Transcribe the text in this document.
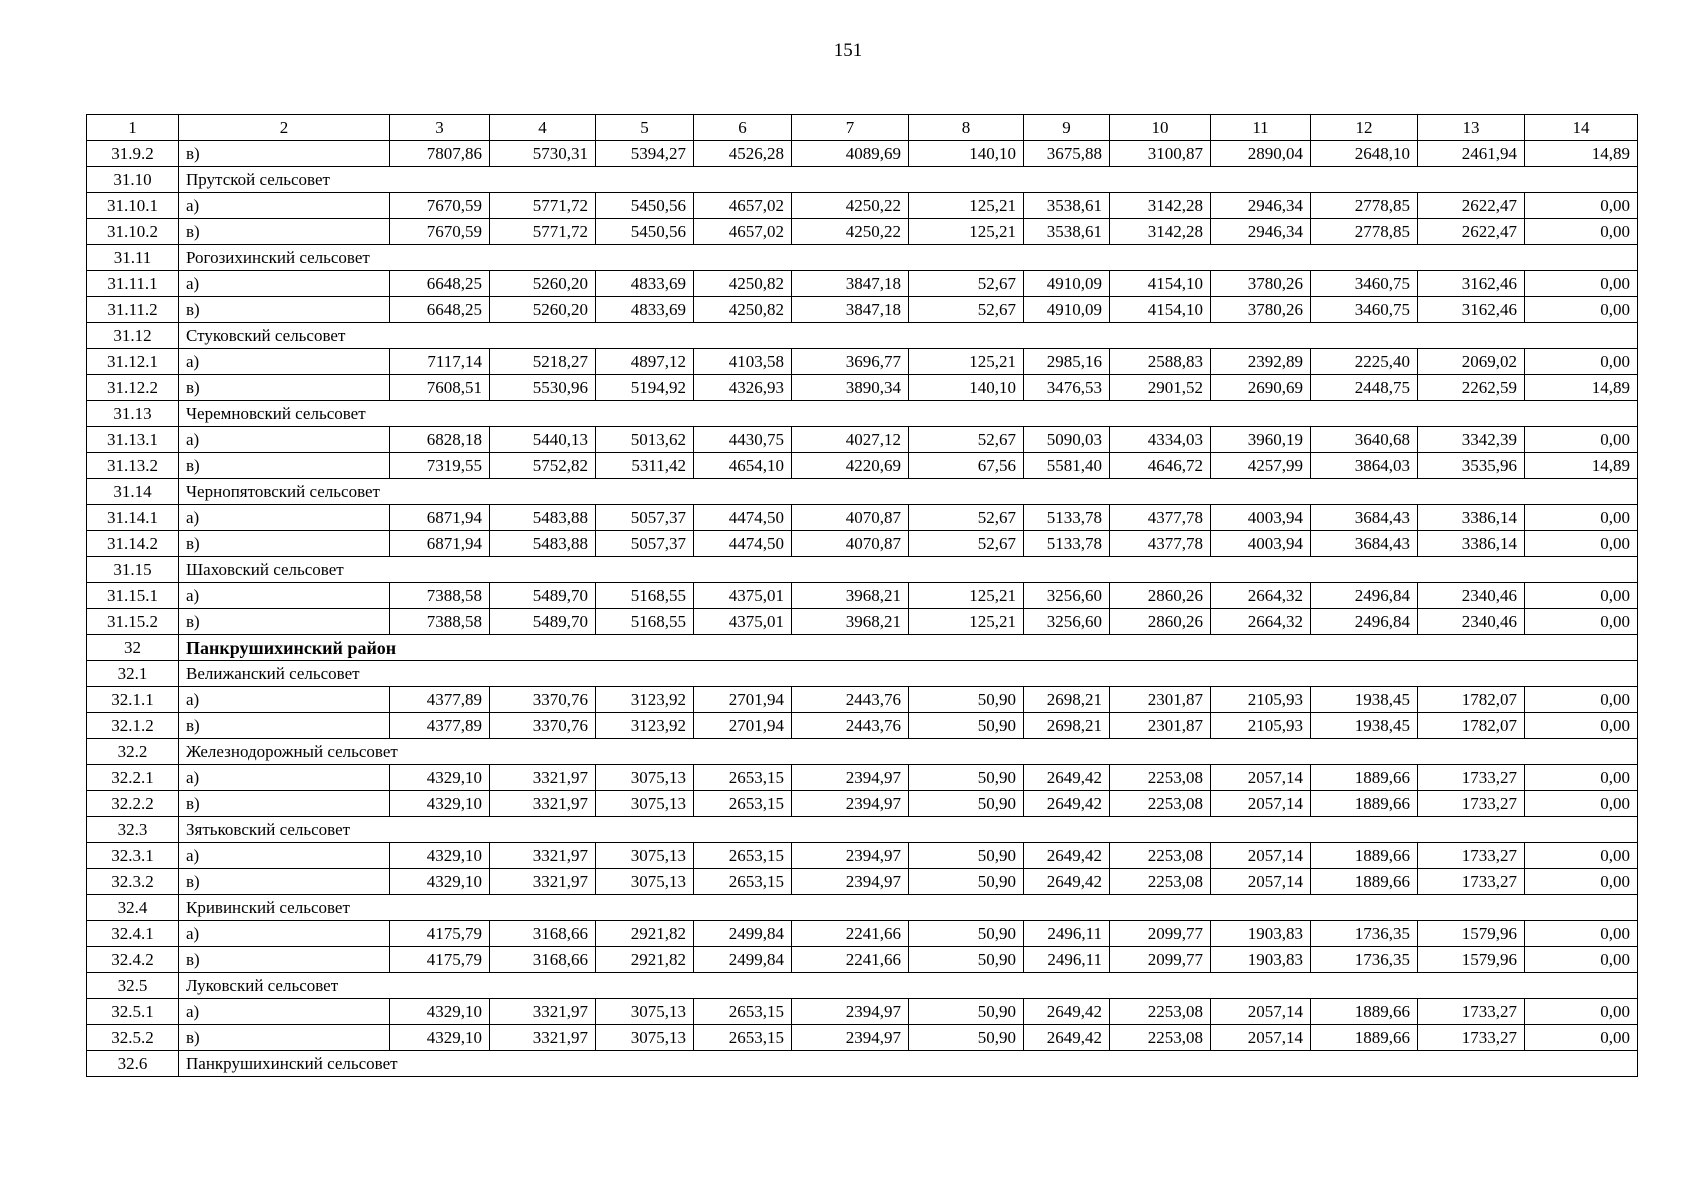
151
1	2	3	4	5	6	7	8	9	10	11	12	13	14
31.9.2	в)	7807,86	5730,31	5394,27	4526,28	4089,69	140,10	3675,88	3100,87	2890,04	2648,10	2461,94	14,89
31.10	Прутской сельсовет												
31.10.1	а)	7670,59	5771,72	5450,56	4657,02	4250,22	125,21	3538,61	3142,28	2946,34	2778,85	2622,47	0,00
31.10.2	в)	7670,59	5771,72	5450,56	4657,02	4250,22	125,21	3538,61	3142,28	2946,34	2778,85	2622,47	0,00
31.11	Рогозихинский сельсовет												
31.11.1	а)	6648,25	5260,20	4833,69	4250,82	3847,18	52,67	4910,09	4154,10	3780,26	3460,75	3162,46	0,00
31.11.2	в)	6648,25	5260,20	4833,69	4250,82	3847,18	52,67	4910,09	4154,10	3780,26	3460,75	3162,46	0,00
31.12	Стуковский сельсовет												
31.12.1	а)	7117,14	5218,27	4897,12	4103,58	3696,77	125,21	2985,16	2588,83	2392,89	2225,40	2069,02	0,00
31.12.2	в)	7608,51	5530,96	5194,92	4326,93	3890,34	140,10	3476,53	2901,52	2690,69	2448,75	2262,59	14,89
31.13	Черемновский сельсовет												
31.13.1	а)	6828,18	5440,13	5013,62	4430,75	4027,12	52,67	5090,03	4334,03	3960,19	3640,68	3342,39	0,00
31.13.2	в)	7319,55	5752,82	5311,42	4654,10	4220,69	67,56	5581,40	4646,72	4257,99	3864,03	3535,96	14,89
31.14	Чернопятовский сельсовет												
31.14.1	а)	6871,94	5483,88	5057,37	4474,50	4070,87	52,67	5133,78	4377,78	4003,94	3684,43	3386,14	0,00
31.14.2	в)	6871,94	5483,88	5057,37	4474,50	4070,87	52,67	5133,78	4377,78	4003,94	3684,43	3386,14	0,00
31.15	Шаховский сельсовет												
31.15.1	а)	7388,58	5489,70	5168,55	4375,01	3968,21	125,21	3256,60	2860,26	2664,32	2496,84	2340,46	0,00
31.15.2	в)	7388,58	5489,70	5168,55	4375,01	3968,21	125,21	3256,60	2860,26	2664,32	2496,84	2340,46	0,00
32	Панкрушихинский район												
32.1	Велижанский сельсовет												
32.1.1	а)	4377,89	3370,76	3123,92	2701,94	2443,76	50,90	2698,21	2301,87	2105,93	1938,45	1782,07	0,00
32.1.2	в)	4377,89	3370,76	3123,92	2701,94	2443,76	50,90	2698,21	2301,87	2105,93	1938,45	1782,07	0,00
32.2	Железнодорожный сельсовет												
32.2.1	а)	4329,10	3321,97	3075,13	2653,15	2394,97	50,90	2649,42	2253,08	2057,14	1889,66	1733,27	0,00
32.2.2	в)	4329,10	3321,97	3075,13	2653,15	2394,97	50,90	2649,42	2253,08	2057,14	1889,66	1733,27	0,00
32.3	Зятьковский сельсовет												
32.3.1	а)	4329,10	3321,97	3075,13	2653,15	2394,97	50,90	2649,42	2253,08	2057,14	1889,66	1733,27	0,00
32.3.2	в)	4329,10	3321,97	3075,13	2653,15	2394,97	50,90	2649,42	2253,08	2057,14	1889,66	1733,27	0,00
32.4	Кривинский сельсовет												
32.4.1	а)	4175,79	3168,66	2921,82	2499,84	2241,66	50,90	2496,11	2099,77	1903,83	1736,35	1579,96	0,00
32.4.2	в)	4175,79	3168,66	2921,82	2499,84	2241,66	50,90	2496,11	2099,77	1903,83	1736,35	1579,96	0,00
32.5	Луковский сельсовет												
32.5.1	а)	4329,10	3321,97	3075,13	2653,15	2394,97	50,90	2649,42	2253,08	2057,14	1889,66	1733,27	0,00
32.5.2	в)	4329,10	3321,97	3075,13	2653,15	2394,97	50,90	2649,42	2253,08	2057,14	1889,66	1733,27	0,00
32.6	Панкрушихинский сельсовет												
